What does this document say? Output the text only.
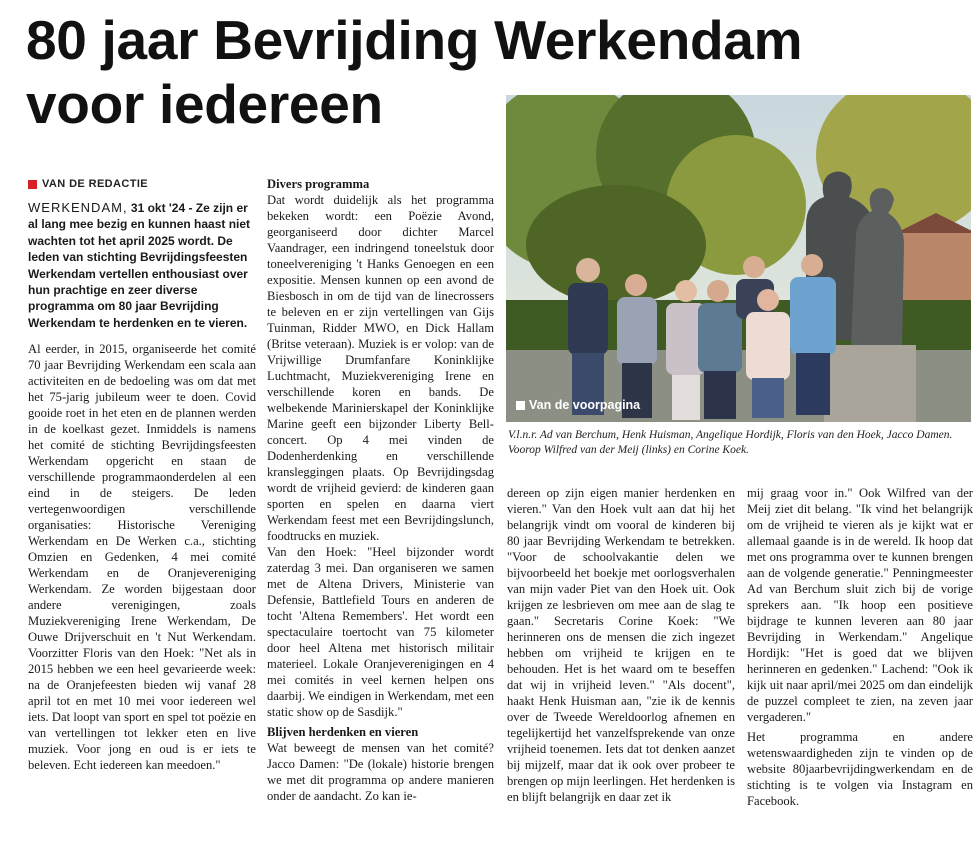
80 jaar Bevrijding Werkendam voor iedereen
VAN DE REDACTIE

WERKENDAM, 31 okt '24 - Ze zijn er al lang mee bezig en kunnen haast niet wachten tot het april 2025 wordt. De leden van stichting Bevrijdingsfeesten Werkendam vertellen enthousiast over hun prachtige en zeer diverse programma om 80 jaar Bevrijding Werkendam te herdenken en te vieren.

Al eerder, in 2015, organiseerde het comité 70 jaar Bevrijding Werkendam een scala aan activiteiten en de bedoeling was om dat met het 75-jarig jubileum weer te doen. Covid gooide roet in het eten en de plannen werden in de koelkast gezet. Inmiddels is namens het comité de stichting Bevrijdingsfeesten Werkendam opgericht en staan de verschillende programmaonderdelen al een eind in de steigers. De leden vertegenwoordigen verschillende organisaties: Historische Vereniging Werkendam en De Werken c.a., stichting Omzien en Gedenken, 4 mei comité Werkendam en de Oranjevereniging Werkendam. Ze worden bijgestaan door andere verenigingen, zoals Muziekvereniging Irene Werkendam, De Ouwe Drijverschuit en 't Nut Werkendam. Voorzitter Floris van den Hoek: "Net als in 2015 hebben we een heel gevarieerde week: na de Oranjefeesten bieden wij vanaf 28 april tot en met 10 mei voor iedereen wel iets. Dat loopt van sport en spel tot poëzie en van vertellingen tot lekker eten en live muziek. Voor jong en oud is er iets te beleven. Echt iedereen kan meedoen."

Divers programma

Dat wordt duidelijk als het programma bekeken wordt: een Poëzie Avond, georganiseerd door dichter Marcel Vaandrager, een indringend toneelstuk door toneelvereniging 't Hanks Genoegen en een expositie. Mensen kunnen op een avond de Biesbosch in om de tijd van de linecrossers te beleven en er zijn vertellingen van Gijs Tuinman, Ridder MWO, en Dick Hallam (Britse veteraan). Muziek is er volop: van de Vrijwillige Drumfanfare Koninklijke Luchtmacht, Muziekvereniging Irene en verschillende koren en bands. De welbekende Marinierskapel der Koninklijke Marine geeft een bijzonder Liberty Bell-concert. Op 4 mei vinden de Dodenherdenking en verschillende kransleggingen plaats. Op Bevrijdingsdag wordt de vrijheid gevierd: de kinderen gaan sporten en spelen en daarna viert Werkendam feest met een Bevrijdingslunch, foodtrucks en muziek.

Van den Hoek: "Heel bijzonder wordt zaterdag 3 mei. Dan organiseren we samen met de Altena Drivers, Ministerie van Defensie, Battlefield Tours en anderen de tocht 'Altena Remembers'. Het wordt een spectaculaire toertocht van 75 kilometer door heel Altena met historisch militair materieel. Lokale Oranjeverenigingen en 4 mei comités in veel kernen helpen ons daarbij. We eindigen in Werkendam, met een static show op de Sasdijk."

Blijven herdenken en vieren

Wat beweegt de mensen van het comité? Jacco Damen: "De (lokale) historie brengen we met dit programma op andere manieren onder de aandacht. Zo kan ie-

Van de voorpagina
V.l.n.r. Ad van Berchum, Henk Huisman, Angelique Hordijk, Floris van den Hoek, Jacco Damen. Voorop Wilfred van der Meij (links) en Corine Koek.

dereen op zijn eigen manier herdenken en vieren." Van den Hoek vult aan dat hij het belangrijk vindt om vooral de kinderen bij 80 jaar Bevrijding Werkendam te betrekken. "Voor de schoolvakantie delen we bijvoorbeeld het boekje met oorlogsverhalen van mijn vader Piet van den Hoek uit. Ook krijgen ze lesbrieven om mee aan de slag te gaan." Secretaris Corine Koek: "We herinneren ons de mensen die zich ingezet hebben om vrijheid te krijgen en te behouden. Het is het waard om te beseffen dat wij in vrijheid leven." "Als docent", haakt Henk Huisman aan, "zie ik de kennis over de Tweede Wereldoorlog afnemen en tegelijkertijd het vanzelfsprekende van onze vrijheid toenemen. Iets dat tot denken aanzet bij mijzelf, maar dat ik ook over probeer te brengen op mijn leerlingen. Het herdenken is en blijft belangrijk en daar zet ik

mij graag voor in." Ook Wilfred van der Meij ziet dit belang. "Ik vind het belangrijk om de vrijheid te vieren als je kijkt wat er allemaal gaande is in de wereld. Ik hoop dat met ons programma over te kunnen brengen aan de volgende generatie." Penningmeester Ad van Berchum sluit zich bij de vorige sprekers aan. "Ik hoop een positieve bijdrage te kunnen leveren aan 80 jaar Bevrijding in Werkendam." Angelique Hordijk: "Het is goed dat we blijven herinneren en gedenken." Lachend: "Ook ik kijk uit naar april/mei 2025 om dan eindelijk de puzzel compleet te zien, na zeven jaar vergaderen."

Het programma en andere wetenswaardigheden zijn te vinden op de website 80jaarbevrijdingwerkendam en de stichting is te volgen via Instagram en Facebook.
